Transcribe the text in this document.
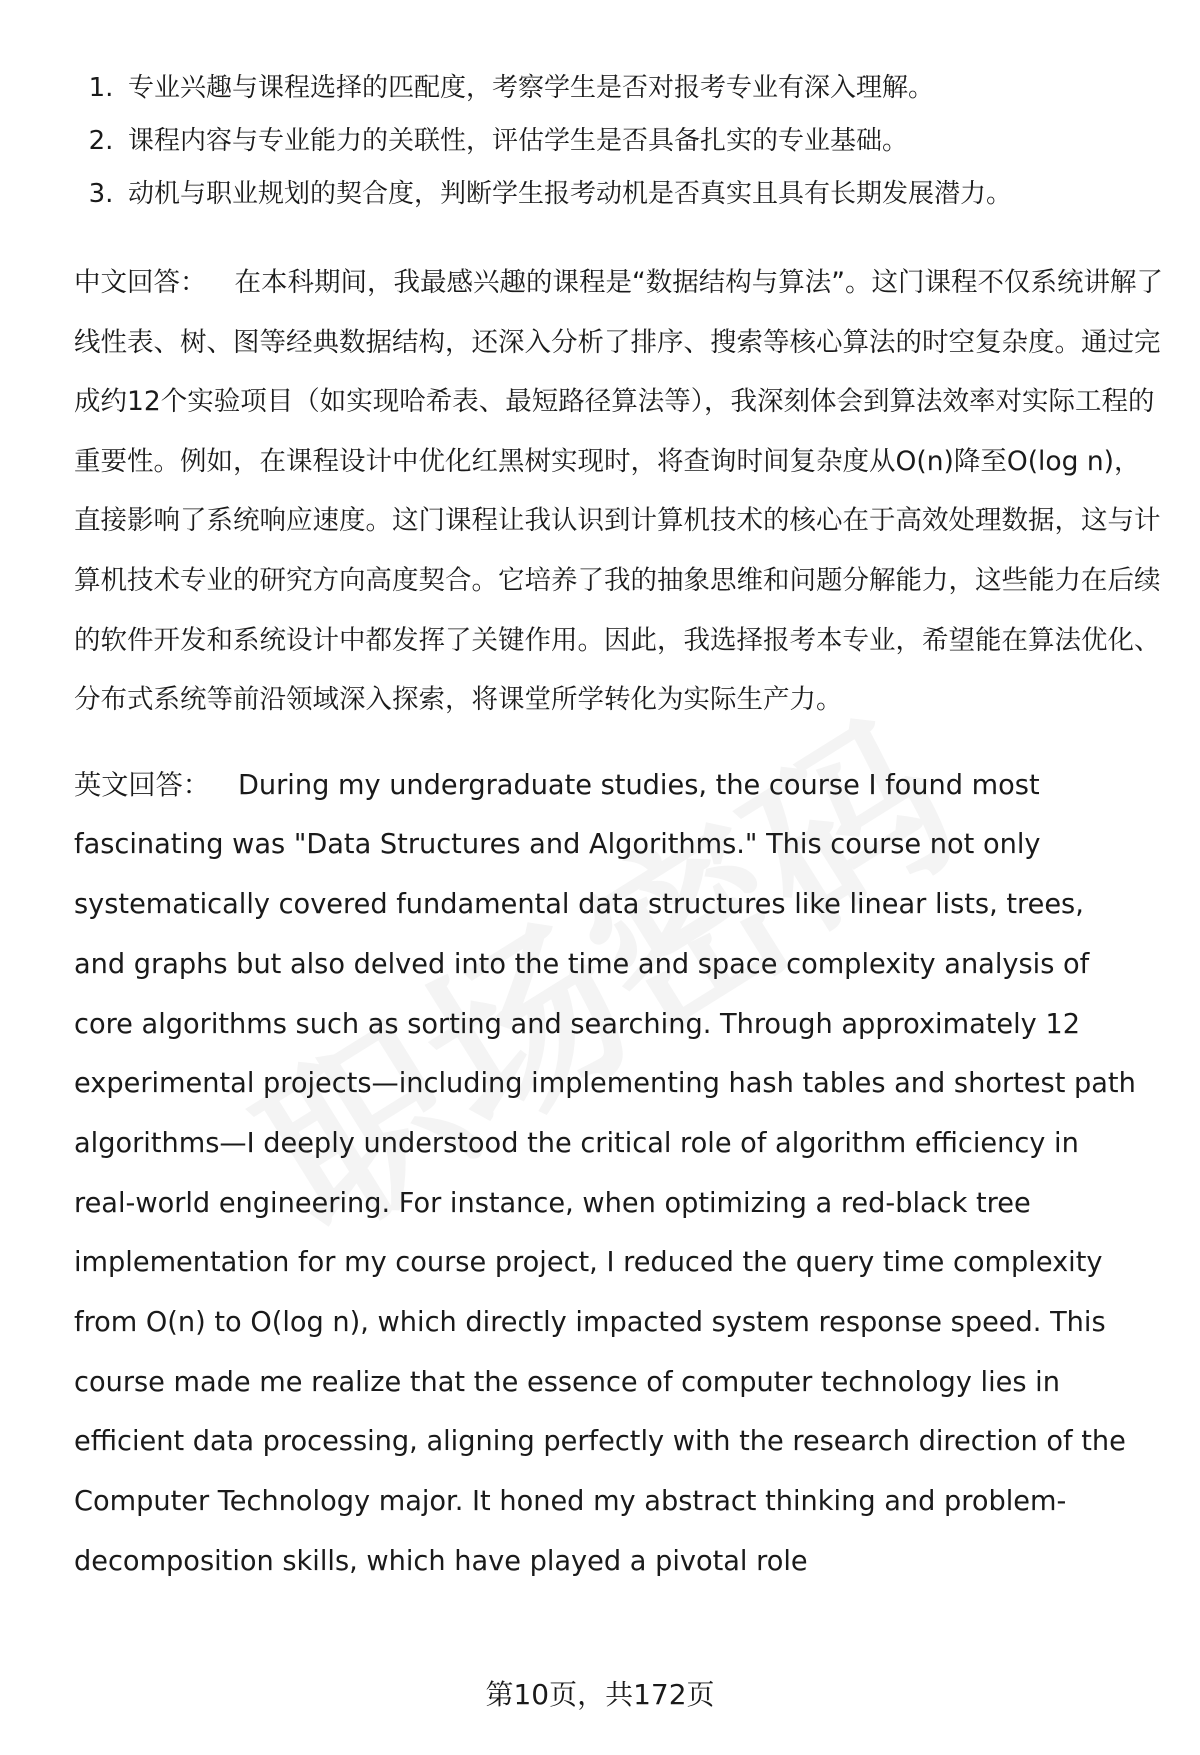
1. 专业兴趣与课程选择的匹配度，考察学生是否对报考专业有深入理解。
2. 课程内容与专业能力的关联性，评估学生是否具备扎实的专业基础。
3. 动机与职业规划的契合度，判断学生报考动机是否真实且具有长期发展潜力。

中文回答： 在本科期间，我最感兴趣的课程是“数据结构与算法”。这门课程不仅系统讲解了线性表、树、图等经典数据结构，还深入分析了排序、搜索等核心算法的时空复杂度。通过完成约12个实验项目（如实现哈希表、最短路径算法等），我深刻体会到算法效率对实际工程的重要性。例如，在课程设计中优化红黑树实现时，将查询时间复杂度从O(n)降至O(log n)，直接影响了系统响应速度。这门课程让我认识到计算机技术的核心在于高效处理数据，这与计算机技术专业的研究方向高度契合。它培养了我的抽象思维和问题分解能力，这些能力在后续的软件开发和系统设计中都发挥了关键作用。因此，我选择报考本专业，希望能在算法优化、分布式系统等前沿领域深入探索，将课堂所学转化为实际生产力。

英文回答： During my undergraduate studies, the course I found most fascinating was "Data Structures and Algorithms." This course not only systematically covered fundamental data structures like linear lists, trees, and graphs but also delved into the time and space complexity analysis of core algorithms such as sorting and searching. Through approximately 12 experimental projects—including implementing hash tables and shortest path algorithms—I deeply understood the critical role of algorithm efficiency in real-world engineering. For instance, when optimizing a red-black tree implementation for my course project, I reduced the query time complexity from O(n) to O(log n), which directly impacted system response speed. This course made me realize that the essence of computer technology lies in efficient data processing, aligning perfectly with the research direction of the Computer Technology major. It honed my abstract thinking and problem-decomposition skills, which have played a pivotal role

第10页，共172页
